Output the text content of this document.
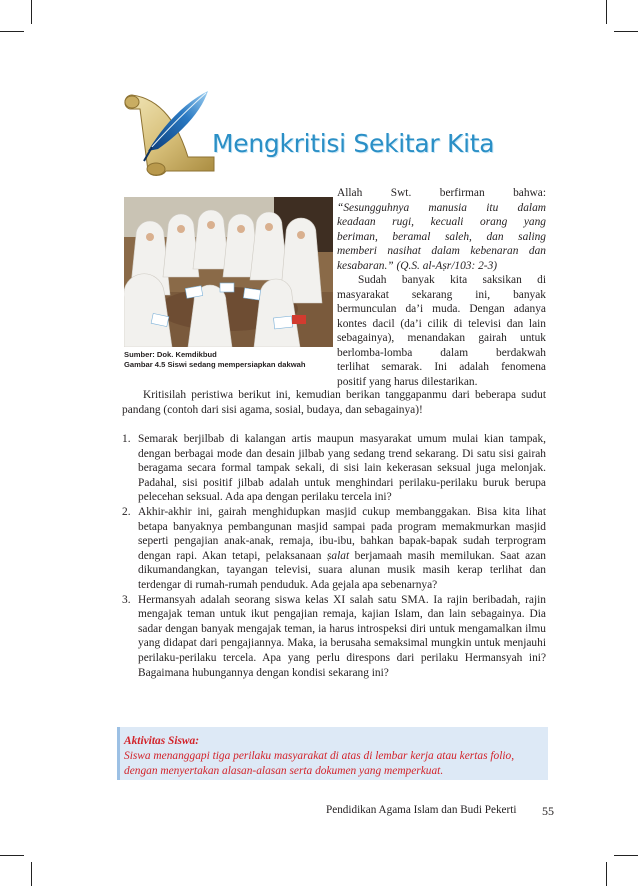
Mengkritisi Sekitar Kita
Sumber: Dok. Kemdikbud
Gambar 4.5 Siswi sedang mempersiapkan dakwah

Allah Swt. berfirman bahwa:

“Sesungguhnya manusia itu dalam

keadaan rugi, kecuali orang yang

beriman, beramal saleh, dan saling

memberi nasihat dalam kebenaran dan

kesabaran.” (Q.S. al-Aṣr/103: 2-3)

Sudah banyak kita saksikan di

masyarakat sekarang ini, banyak

bermunculan da’i muda. Dengan adanya

kontes dacil (da’i cilik di televisi dan lain

sebagainya), menandakan gairah untuk

berlomba-lomba dalam berdakwah

terlihat semarak. Ini adalah fenomena

positif yang harus dilestarikan.

Kritisilah peristiwa berikut ini, kemudian berikan tanggapanmu dari beberapa sudut pandang (contoh dari sisi agama, sosial, budaya, dan sebagainya)!

1. Semarak berjilbab di kalangan artis maupun masyarakat umum mulai kian tampak, dengan berbagai mode dan desain jilbab yang sedang trend sekarang. Di satu sisi gairah beragama secara formal tampak sekali, di sisi lain kekerasan seksual juga melonjak. Padahal, sisi positif jilbab adalah untuk menghindari perilaku-perilaku buruk berupa pelecehan seksual. Ada apa dengan perilaku tercela ini?
2. Akhir-akhir ini, gairah menghidupkan masjid cukup membanggakan. Bisa kita lihat betapa banyaknya pembangunan masjid sampai pada program memakmurkan masjid seperti pengajian anak-anak, remaja, ibu-ibu, bahkan bapak-bapak sudah terprogram dengan rapi. Akan tetapi, pelaksanaan ṣalat berjamaah masih memilukan. Saat azan dikumandangkan, tayangan televisi, suara alunan musik masih kerap terlihat dan terdengar di rumah-rumah penduduk. Ada gejala apa sebenarnya?
3. Hermansyah adalah seorang siswa kelas XI salah satu SMA. Ia rajin beribadah, rajin mengajak teman untuk ikut pengajian remaja, kajian Islam, dan lain sebagainya. Dia sadar dengan banyak mengajak teman, ia harus introspeksi diri untuk mengamalkan ilmu yang didapat dari pengajiannya. Maka, ia berusaha semaksimal mungkin untuk menjauhi perilaku-perilaku tercela. Apa yang perlu direspons dari perilaku Hermansyah ini? Bagaimana hubungannya dengan kondisi sekarang ini?
Aktivitas Siswa:
Siswa menanggapi tiga perilaku masyarakat di atas di lembar kerja atau kertas folio, dengan menyertakan alasan-alasan serta dokumen yang memperkuat.
Pendidikan Agama Islam dan Budi Pekerti 55
